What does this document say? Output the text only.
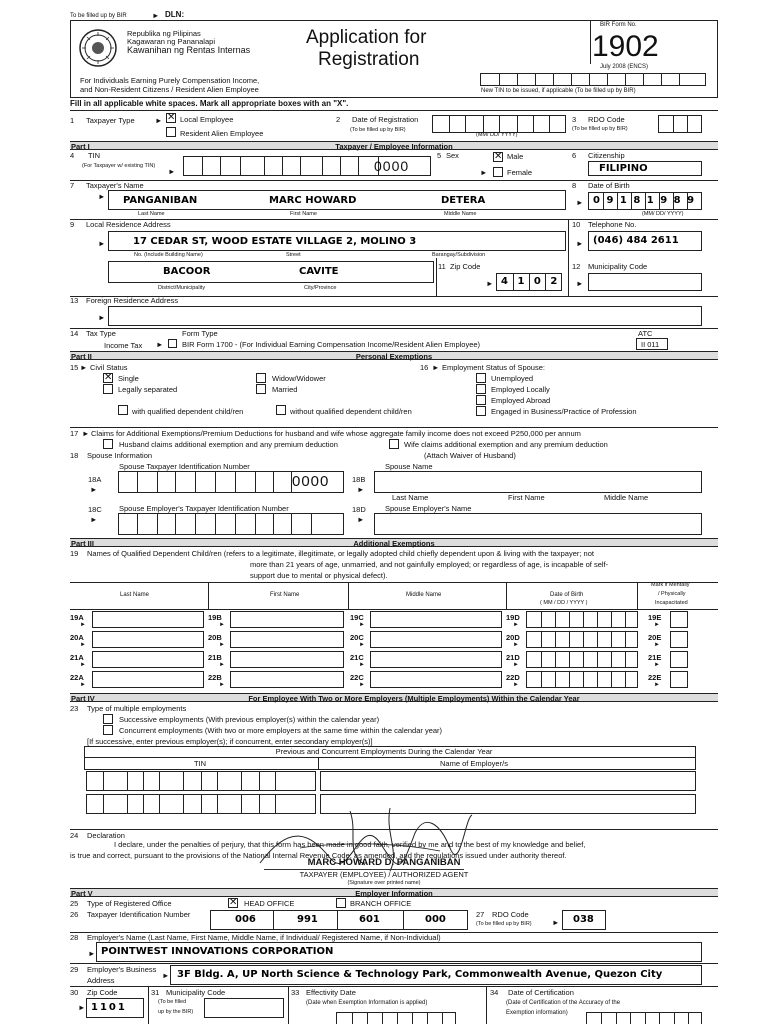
To be filled up by BIR	► DLN:
Republika ng Pilipinas
Kagawaran ng Pananalapi
Kawanihan ng Rentas Internas
Application for
Registration
BIR Form No.
1902
July 2008 (ENCS)
For Individuals Earning Purely Compensation Income,
and Non-Resident Citizens / Resident Alien Employee	New TIN to be issued, if applicable (To be filled up by BIR)
Fill in all applicable white spaces. Mark all appropriate boxes with an "X".
1 Taxpayer Type	► ✕ Local Employee
Resident Alien Employee
2 Date of Registration
(To be filled up by BIR)
(MM/ DD/ YYYY)
3 RDO Code
(To be filled up by BIR)
Part I	Taxpayer / Employee Information
4 TIN
(For Taxpayer w/ existing TIN)
►	0000
5 Sex	✕ Male
►	Female
6 Citizenship
FILIPINO
7 Taxpayer's Name
► PANGANIBAN	MARC HOWARD	DETERA
Last Name	First Name	Middle Name
8 Date of Birth
► 0 9 1 8 1 9 8 9
(MM/ DD/ YYYY)
9 Local Residence Address
►	17 CEDAR ST, WOOD ESTATE VILLAGE 2, MOLINO 3
No. (Include Building Name)	Street	Barangay/Subdivision
BACOOR	CAVITE
District/Municipality	City/Province
10 Telephone No.
► (046) 484 2611
11 Zip Code
► 4 1 0 2
12 Municipality Code
►
13 Foreign Residence Address
►
14 Tax Type
Income Tax
Form Type
► BIR Form 1700 - (For Individual Earning Compensation Income/Resident Alien Employee)
ATC
II 011
Part II	Personal Exemptions
15 ► Civil Status
✕ Single
Legally separated
Widow/Widower
Married
with qualified dependent child/ren	without qualified dependent child/ren
16 ► Employment Status of Spouse:
Unemployed
Employed Locally
Employed Abroad
Engaged in Business/Practice of Profession
17 ► Claims for Additional Exemptions/Premium Deductions for husband and wife whose aggregate family income does not exceed P250,000 per annum
Husband claims additional exemption and any premium deduction	Wife claims additional exemption and any premium deduction
(Attach Waiver of Husband)
18 Spouse Information
Spouse Taxpayer Identification Number	Spouse Name
18A
►	0000	18B
►
Last Name	First Name	Middle Name
18C
►
Spouse Employer's Taxpayer Identification Number	18D
►
Spouse Employer's Name
Part III	Additional Exemptions
19 Names of Qualified Dependent Child/ren (refers to a legitimate, illegitimate, or legally adopted child chiefly dependent upon & living with the taxpayer; not
more than 21 years of age, unmarried, and not gainfully employed; or regardless of age, is incapable of self-
support due to mental or physical defect).
Last Name	First Name	Middle Name	Date of Birth
( MM / DD / YYYY )
Mark if Mentally
/ Physically
Incapacitated
19A
►
19B
►
19C
►
19D
►
19E
►
20A
►
20B
►
20C
►
20D
►
20E
►
21A
►
21B
►
21C
►
21D
►
21E
►
22A
►
22B
►
22C
►
22D
►
22E
►
Part IV	For Employee With Two or More Employers (Multiple Employments) Within the Calendar Year
23 Type of multiple employments
Successive employments (With previous employer(s) within the calendar year)
Concurrent employments (With two or more employers at the same time within the calendar year)
[If successive, enter previous employer(s); if concurrent, enter secondary employer(s)]
Previous and Concurrent Employments During the Calendar Year
TIN	Name of Employer/s
24 Declaration
I declare, under the penalties of perjury, that this form has been made in good faith, verified by me and to the best of my knowledge and belief,
is true and correct, pursuant to the provisions of the National Internal Revenue Code, as amended, and the regulations issued under authority thereof.
MARC HOWARD D. PANGANIBAN
TAXPAYER (EMPLOYEE) / AUTHORIZED AGENT
(Signature over printed name)
Part V	Employer Information
25 Type of Registered Office	✕ HEAD OFFICE	BRANCH OFFICE
26 Taxpayer Identification Number	006	991	601	000	27 RDO Code
(To be filled up by BIR)	► 038
28 Employer's Name (Last Name, First Name, Middle Name, if Individual/ Registered Name, if Non-Individual)
► POINTWEST INNOVATIONS CORPORATION
29 Employer's Business
Address
► 3F Bldg. A, UP North Science & Technology Park, Commonwealth Avenue, Quezon City
30 Zip Code
► 1101
31 Municipality Code
(To be filled
up by the BIR)
33 Effectivity Date
(Date when Exemption Information is applied)
34 Date of Certification
(Date of Certification of the Accuracy of the
Exemption information)
